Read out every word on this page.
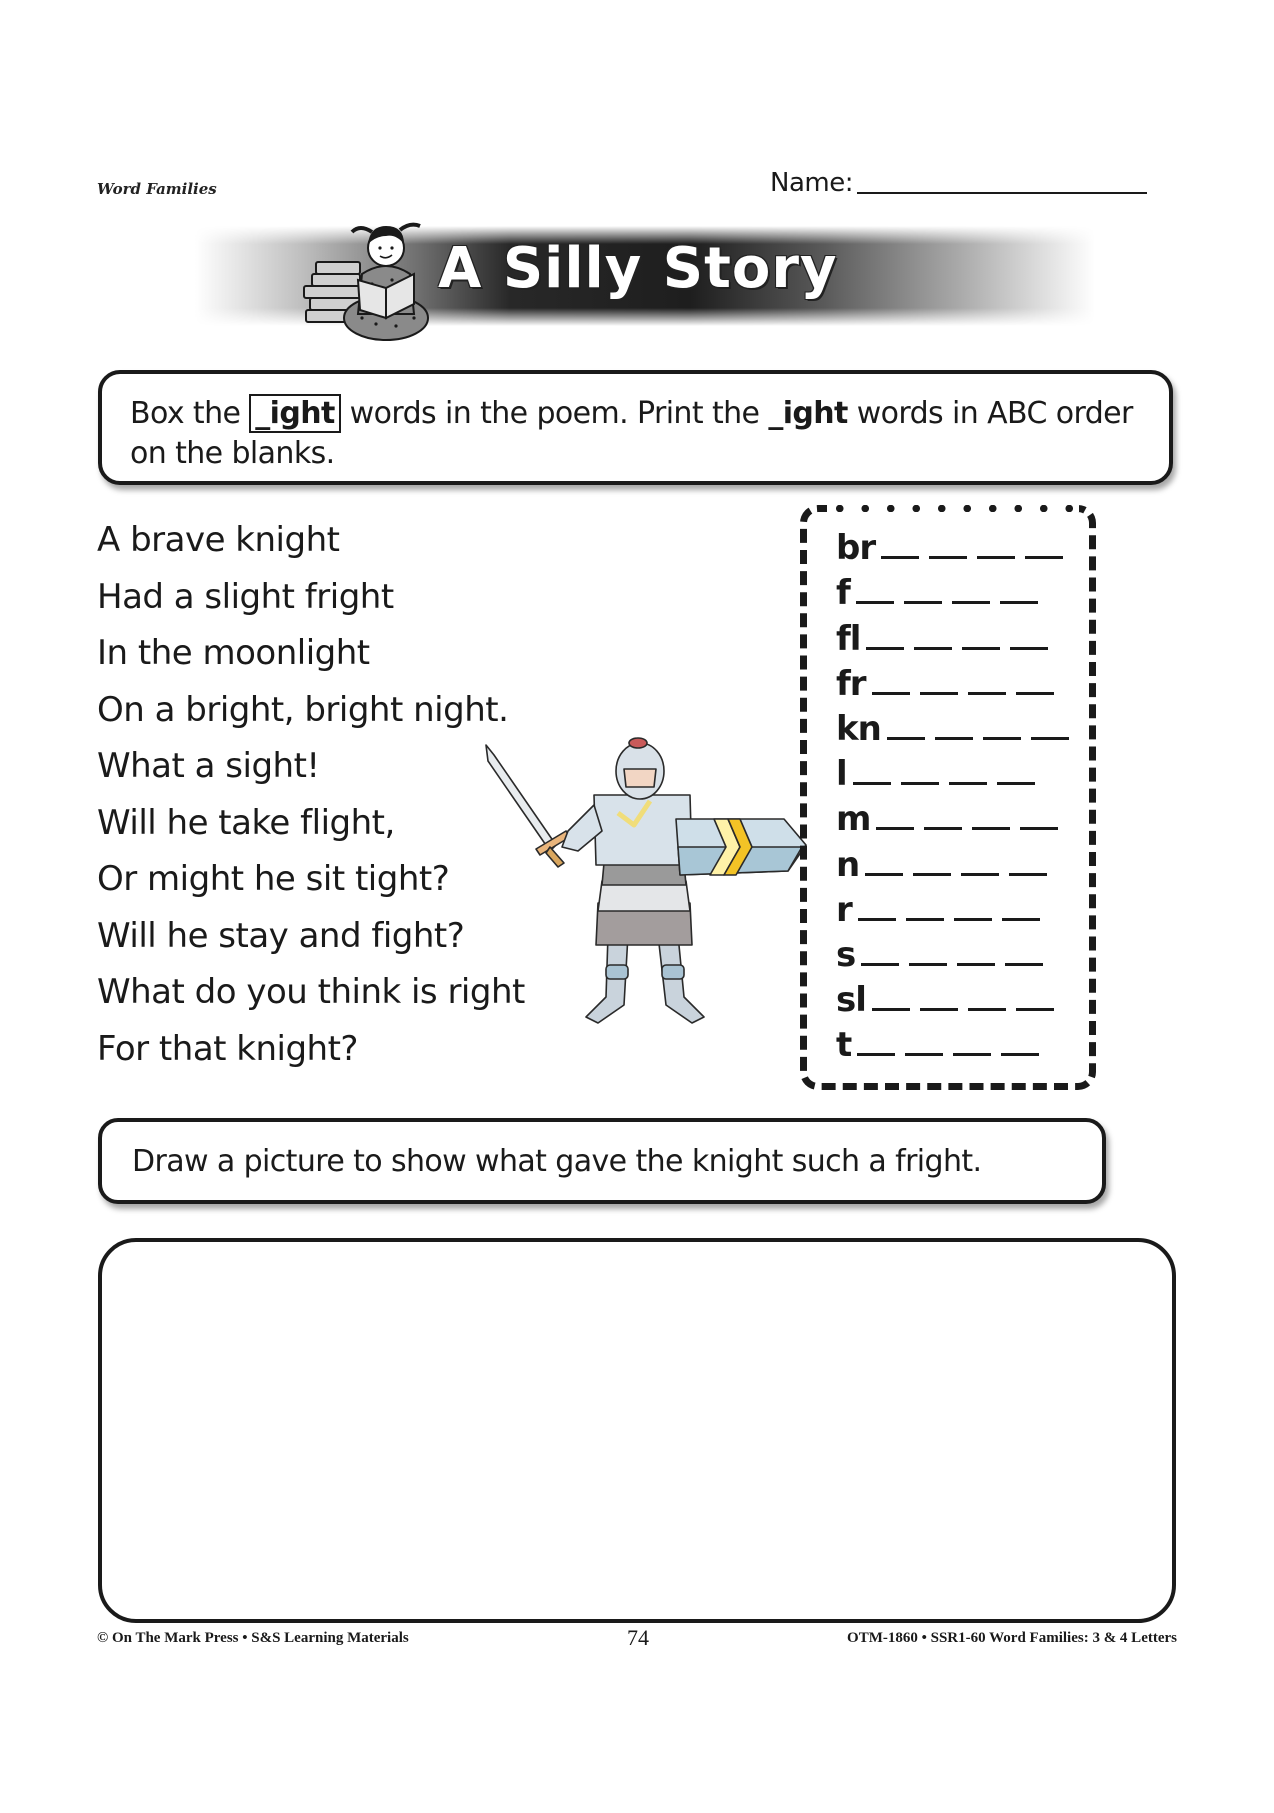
Word Families	Name:
A Silly Story
Box the _ight words in the poem. Print the _ight words in ABC order on the blanks.
A brave knight
Had a slight fright
In the moonlight
On a bright, bright night.
What a sight!
Will he take flight,
Or might he sit tight?
Will he stay and fight?
What do you think is right
For that knight?
br
f
fl
fr
kn
l
m
n
r
s
sl
t
Draw a picture to show what gave the knight such a fright.
© On The Mark Press • S&S Learning Materials	74	OTM-1860 • SSR1-60 Word Families: 3 & 4 Letters
